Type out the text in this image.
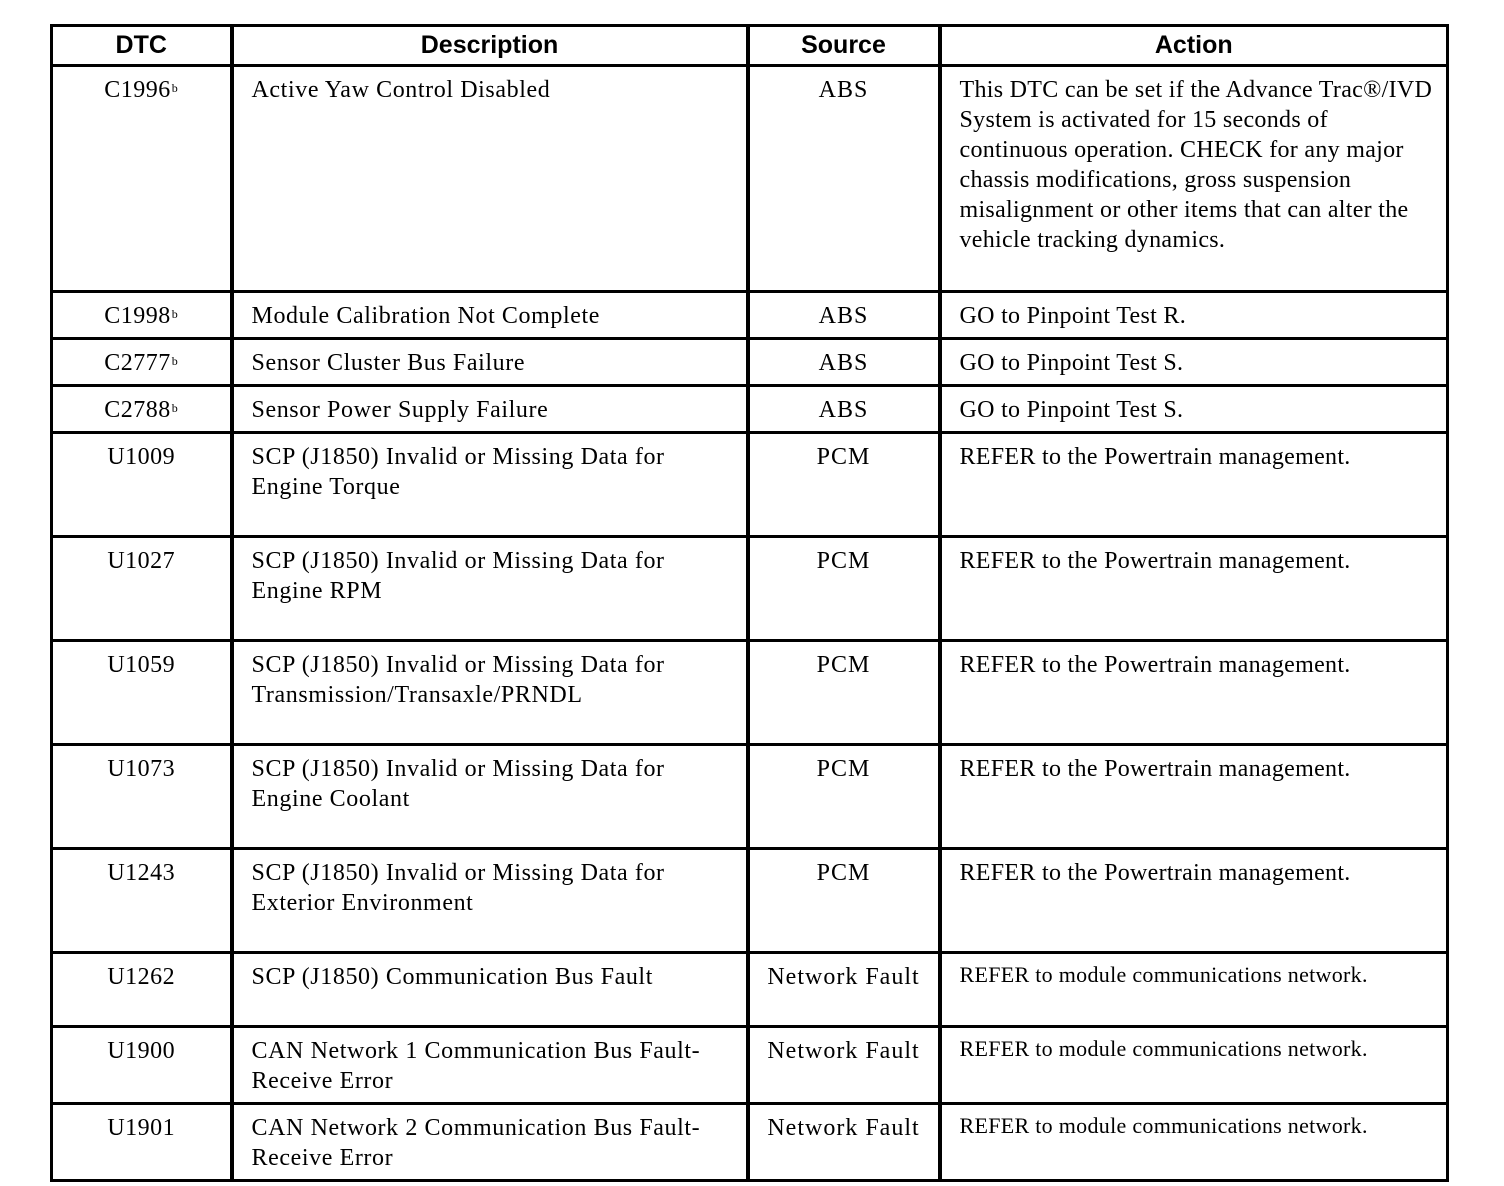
DTC	Description	Source	Action
C1996$^b$	Active Yaw Control Disabled	ABS	This DTC can be set if the Advance Trac®/IVD System is activated for 15 seconds of continuous operation. CHECK for any major chassis modifications, gross suspension misalignment or other items that can alter the vehicle tracking dynamics.
C1998$^b$	Module Calibration Not Complete	ABS	GO to Pinpoint Test R.
C2777$^b$	Sensor Cluster Bus Failure	ABS	GO to Pinpoint Test S.
C2788$^b$	Sensor Power Supply Failure	ABS	GO to Pinpoint Test S.
U1009	SCP (J1850) Invalid or Missing Data for Engine Torque	PCM	REFER to the Powertrain management.
U1027	SCP (J1850) Invalid or Missing Data for Engine RPM	PCM	REFER to the Powertrain management.
U1059	SCP (J1850) Invalid or Missing Data for Transmission/Transaxle/PRNDL	PCM	REFER to the Powertrain management.
U1073	SCP (J1850) Invalid or Missing Data for Engine Coolant	PCM	REFER to the Powertrain management.
U1243	SCP (J1850) Invalid or Missing Data for Exterior Environment	PCM	REFER to the Powertrain management.
U1262	SCP (J1850) Communication Bus Fault	Network Fault	REFER to module communications network.
U1900	CAN Network 1 Communication Bus Fault-Receive Error	Network Fault	REFER to module communications network.
U1901	CAN Network 2 Communication Bus Fault-Receive Error	Network Fault	REFER to module communications network.
